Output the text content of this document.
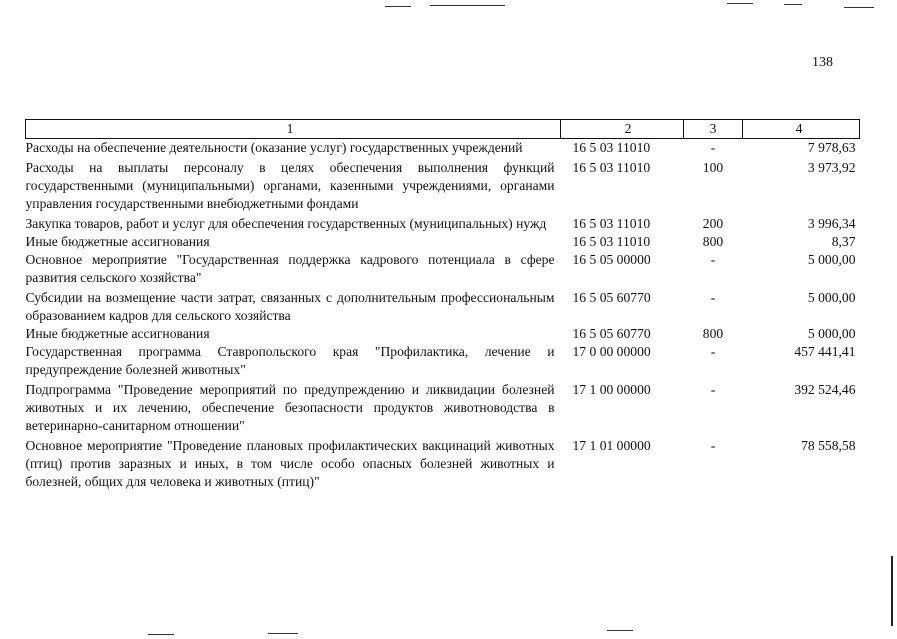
138
1	2	3	4
Расходы на обеспечение деятельности (оказание услуг) государственных учреждений	16 5 03 11010	-	7 978,63
Расходы на выплаты персоналу в целях обеспечения выполнения функций государственными (муниципальными) органами, казенными учреждениями, органами управления государственными внебюджетными фондами	16 5 03 11010	100	3 973,92
Закупка товаров, работ и услуг для обеспечения государственных (муниципальных) нужд	16 5 03 11010	200	3 996,34
Иные бюджетные ассигнования	16 5 03 11010	800	8,37
Основное мероприятие "Государственная поддержка кадрового потенциала в сфере развития сельского хозяйства"	16 5 05 00000	-	5 000,00
Субсидии на возмещение части затрат, связанных с дополнительным профессиональным образованием кадров для сельского хозяйства	16 5 05 60770	-	5 000,00
Иные бюджетные ассигнования	16 5 05 60770	800	5 000,00
Государственная программа Ставропольского края "Профилактика, лечение и предупреждение болезней животных"	17 0 00 00000	-	457 441,41
Подпрограмма "Проведение мероприятий по предупреждению и ликвидации болезней животных и их лечению, обеспечение безопасности продуктов животноводства в ветеринарно-санитарном отношении"	17 1 00 00000	-	392 524,46
Основное мероприятие "Проведение плановых профилактических вакцинаций животных (птиц) против заразных и иных, в том числе особо опасных болезней животных и болезней, общих для человека и животных (птиц)"	17 1 01 00000	-	78 558,58
